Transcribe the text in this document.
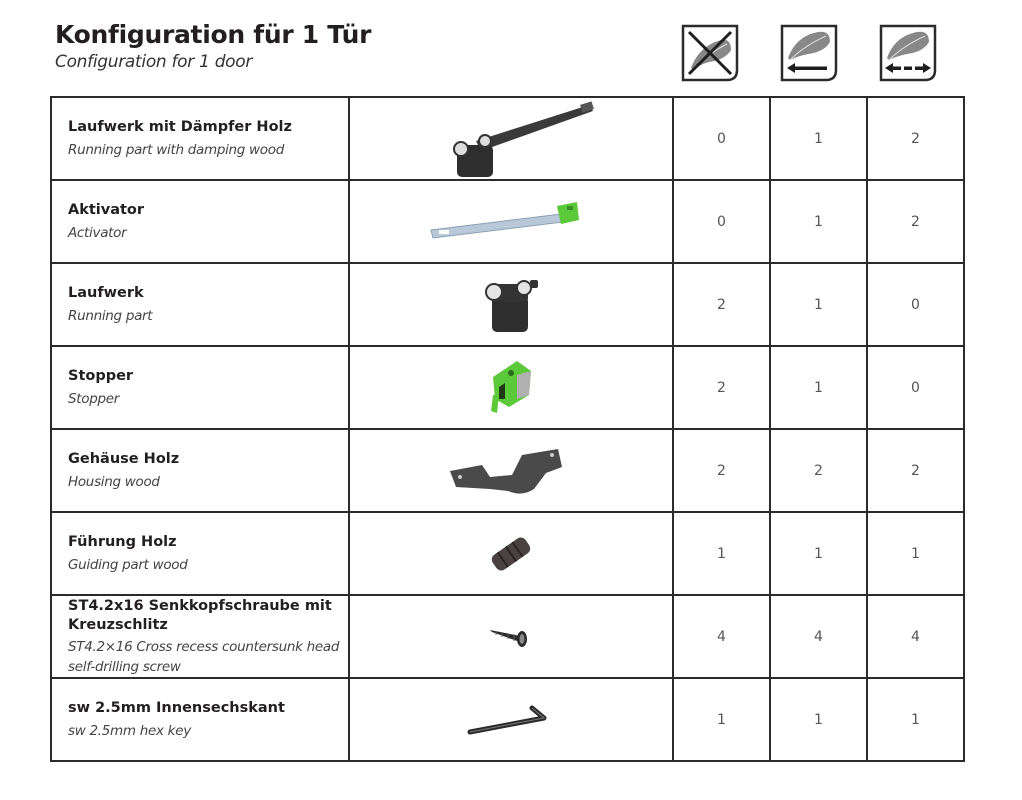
Konfiguration für 1 Tür
Configuration for 1 door
Laufwerk mit Dämpfer Holz
Running part with damping wood		0	1	2

Aktivator
Activator		0	1	2

Laufwerk
Running part		2	1	0

Stopper
Stopper		2	1	0

Gehäuse Holz
Housing wood		2	2	2

Führung Holz
Guiding part wood		1	1	1

ST4.2x16 Senkkopfschraube mit Kreuzschlitz
ST4.2×16 Cross recess countersunk head self-drilling screw		4	4	4

sw 2.5mm Innensechskant
sw 2.5mm hex key		1	1	1
